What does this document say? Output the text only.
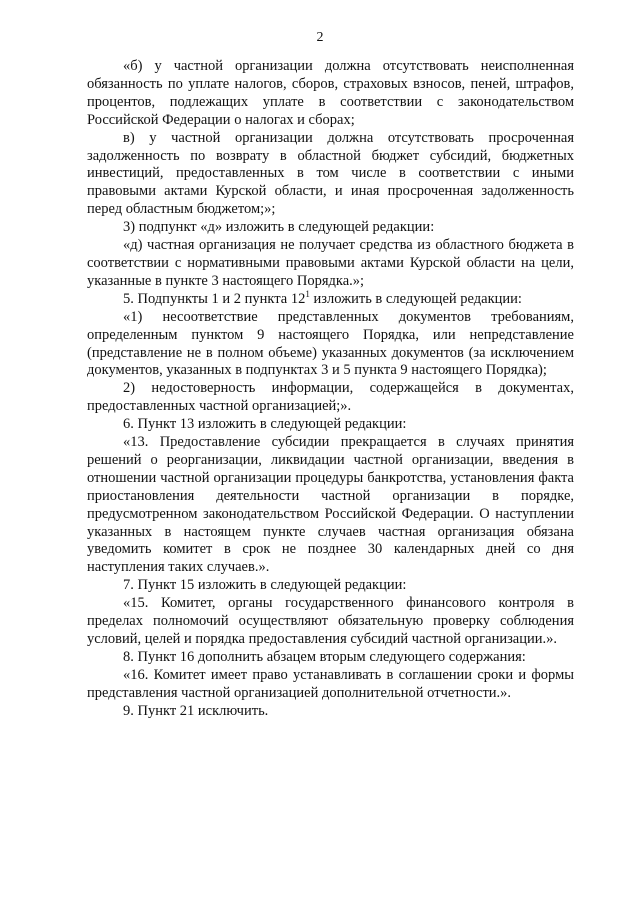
2

«б) у частной организации должна отсутствовать неисполненная обязанность по уплате налогов, сборов, страховых взносов, пеней, штрафов, процентов, подлежащих уплате в соответствии с законодательством Российской Федерации о налогах и сборах;

в) у частной организации должна отсутствовать просроченная задолженность по возврату в областной бюджет субсидий, бюджетных инвестиций, предоставленных в том числе в соответствии с иными правовыми актами Курской области, и иная просроченная задолженность перед областным бюджетом;»;

3) подпункт «д» изложить в следующей редакции:

«д) частная организация не получает средства из областного бюджета в соответствии с нормативными правовыми актами Курской области на цели, указанные в пункте 3 настоящего Порядка.»;

5. Подпункты 1 и 2 пункта $12^1$ изложить в следующей редакции:

«1) несоответствие представленных документов требованиям, определенным пунктом 9 настоящего Порядка, или непредставление (представление не в полном объеме) указанных документов (за исключением документов, указанных в подпунктах 3 и 5 пункта 9 настоящего Порядка);

2) недостоверность информации, содержащейся в документах, предоставленных частной организацией;».

6. Пункт 13 изложить в следующей редакции:

«13. Предоставление субсидии прекращается в случаях принятия решений о реорганизации, ликвидации частной организации, введения в отношении частной организации процедуры банкротства, установления факта приостановления деятельности частной организации в порядке, предусмотренном законодательством Российской Федерации. О наступлении указанных в настоящем пункте случаев частная организация обязана уведомить комитет в срок не позднее 30 календарных дней со дня наступления таких случаев.».

7. Пункт 15 изложить в следующей редакции:

«15. Комитет, органы государственного финансового контроля в пределах полномочий осуществляют обязательную проверку соблюдения условий, целей и порядка предоставления субсидий частной организации.».

8. Пункт 16 дополнить абзацем вторым следующего содержания:

«16. Комитет имеет право устанавливать в соглашении сроки и формы представления частной организацией дополнительной отчетности.».

9. Пункт 21 исключить.
